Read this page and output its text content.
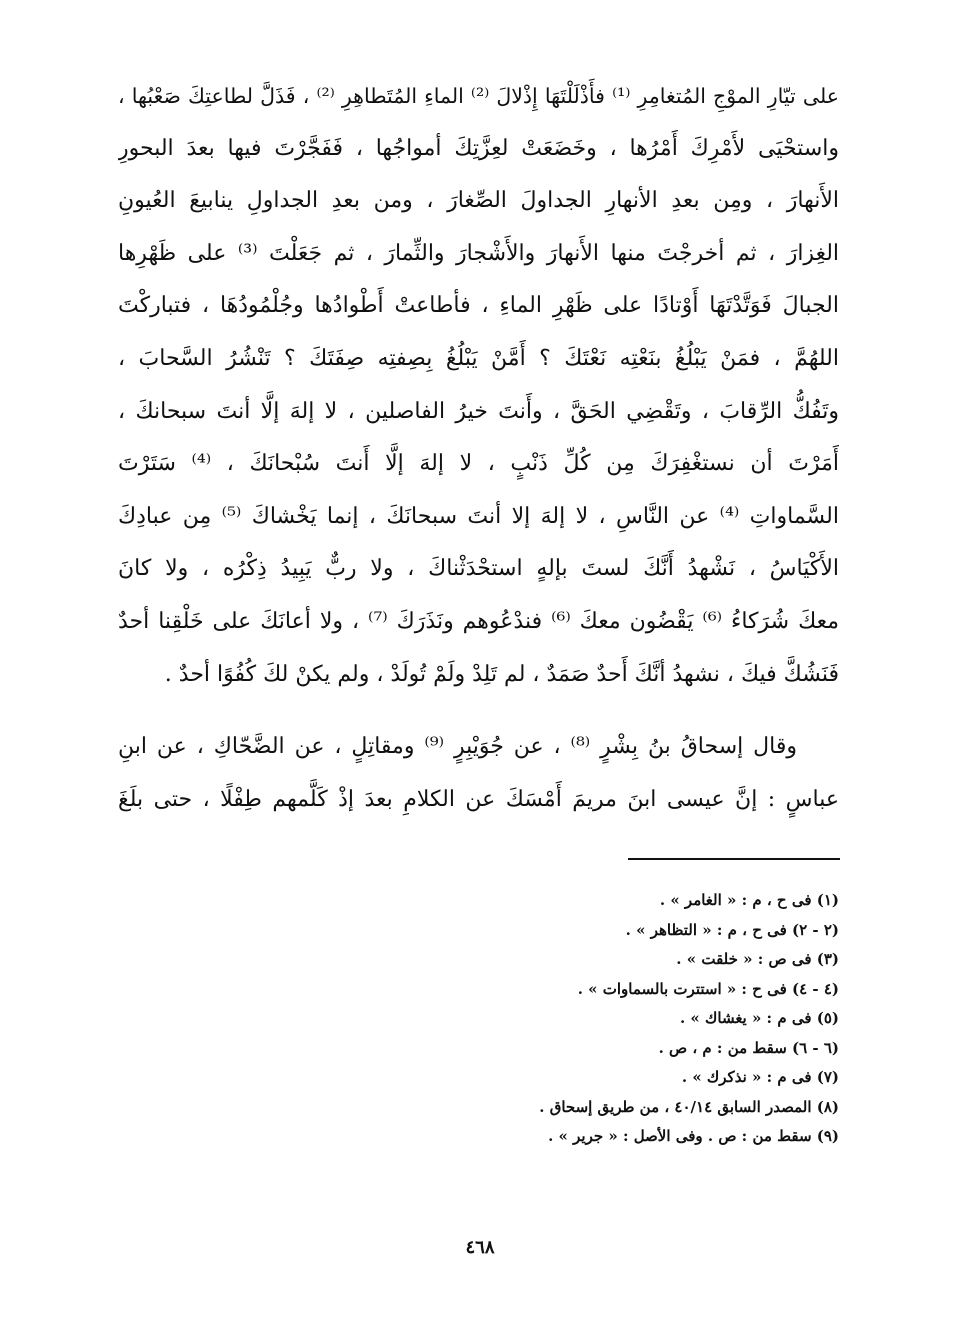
على تيّارِ الموْجِ المُتغامِرِ ⁽¹⁾ فأَذْلَلْتَهَا إِذْلالَ ⁽²⁾ الماءِ المُتَطاهِرِ ⁽²⁾ ، فَذَلَّ لطاعتِكَ صَعْبُها ،
واستحْيَى لأَمْرِكَ أَمْرُها ، وخَضَعَتْ لعِزَّتِكَ أمواجُها ، فَفَجَّرْتَ فيها بعدَ البحورِ
الأَنهارَ ، ومِن بعدِ الأنهارِ الجداولَ الصِّغارَ ، ومن بعدِ الجداولِ ينابيعَ العُيونِ
الغِزارَ ، ثم أخرجْتَ منها الأَنهارَ والأَشْجارَ والثِّمارَ ، ثم جَعَلْتَ ⁽³⁾ على ظَهْرِها
الجبالَ فَوَتَّدْتَهَا أَوْتادًا على ظَهْرِ الماءِ ، فأطاعتْ أَطْوادُها وجُلْمُودُهَا ، فتباركْتَ
اللهُمَّ ، فمَنْ يَبْلُغُ بنَعْتِه نَعْتَكَ ؟ أَمَّنْ يَبْلُغُ بِصِفتِه صِفَتَكَ ؟ تَنْشُرُ السَّحابَ ،
وتَفُكُّ الرِّقابَ ، وتَقْضِي الحَقَّ ، وأَنتَ خيرُ الفاصلين ، لا إلهَ إلَّا أنتَ سبحانكَ ،
أَمَرْتَ أن نستغْفِرَكَ مِن كُلِّ ذَنْبٍ ، لا إلهَ إلَّا أَنتَ سُبْحانَكَ ، ⁽⁴⁾ سَتَرْتَ
السَّماواتِ ⁽⁴⁾ عن النَّاسِ ، لا إلهَ إلا أنتَ سبحانَكَ ، إنما يَخْشاكَ ⁽⁵⁾ مِن عبادِكَ
الأَكْيَاسُ ، نَشْهدُ أَنَّكَ لستَ بإلهٍ استحْدَثْناكَ ، ولا ربٌّ يَبِيدُ ذِكْرُه ، ولا كانَ
معكَ شُرَكاءُ ⁽⁶⁾ يَقْضُون معكَ ⁽⁶⁾ فندْعُوهم ونَذَرَكَ ⁽⁷⁾ ، ولا أعانَكَ على خَلْقِنا أحدٌ
فَنَشُكَّ فيكَ ، نشهدُ أنَّكَ أَحدٌ صَمَدٌ ، لم تَلِدْ ولَمْ تُولَدْ ، ولم يكنْ لكَ كُفُوًا أحدٌ .
وقال إسحاقُ بنُ بِشْرٍ ⁽⁸⁾ ، عن جُوَيْبِرٍ ⁽⁹⁾ ومقاتِلٍ ، عن الضَّحّاكِ ، عن ابنِ
عباسٍ : إنَّ عيسى ابنَ مريمَ أَمْسَكَ عن الكلامِ بعدَ إذْ كَلَّمهم طِفْلًا ، حتى بلَغَ
(١) فى ح ، م : « الغامر » .
(٢ - ٢) فى ح ، م : « التظاهر » .
(٣) فى ص : « خلقت » .
(٤ - ٤) فى ح : « استترت بالسماوات » .
(٥) فى م : « يغشاك » .
(٦ - ٦) سقط من : م ، ص .
(٧) فى م : « نذكرك » .
(٨) المصدر السابق ٤٠/١٤ ، من طريق إسحاق .
(٩) سقط من : ص . وفى الأصل : « جرير » .
٤٦٨
